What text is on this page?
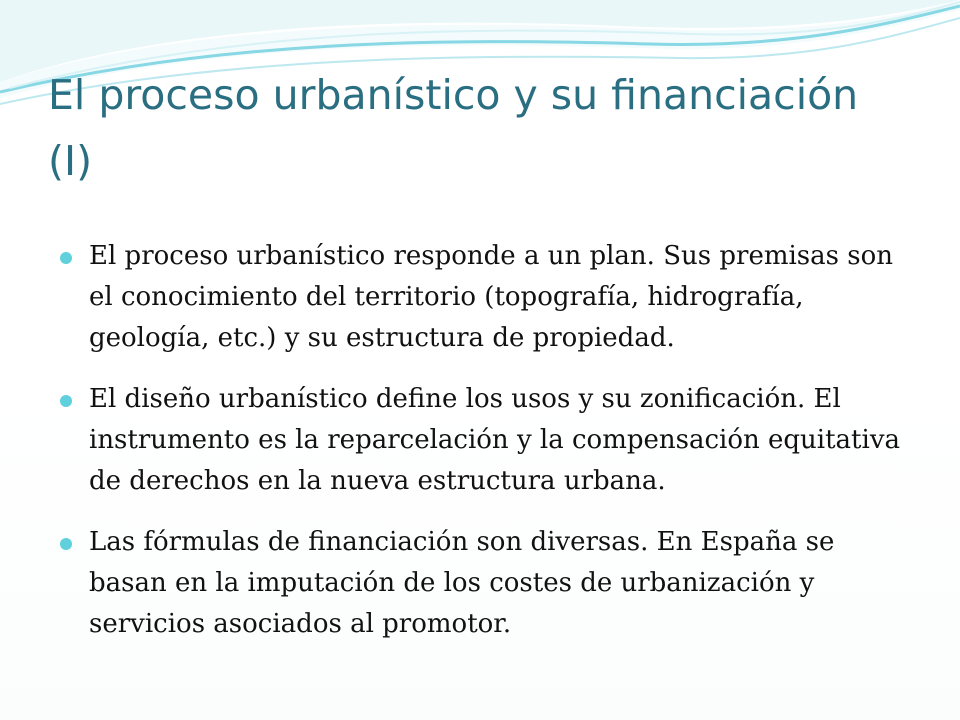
El proceso urbanístico y su financiación (I)
El proceso urbanístico responde a un plan. Sus premisas son el conocimiento del territorio (topografía, hidrografía, geología, etc.) y su estructura de propiedad.
El diseño urbanístico define los usos y su zonificación. El instrumento es la reparcelación y la compensación equitativa de derechos en la nueva estructura urbana.
Las fórmulas de financiación son diversas. En España se basan en la imputación de los costes de urbanización y servicios asociados al promotor.
